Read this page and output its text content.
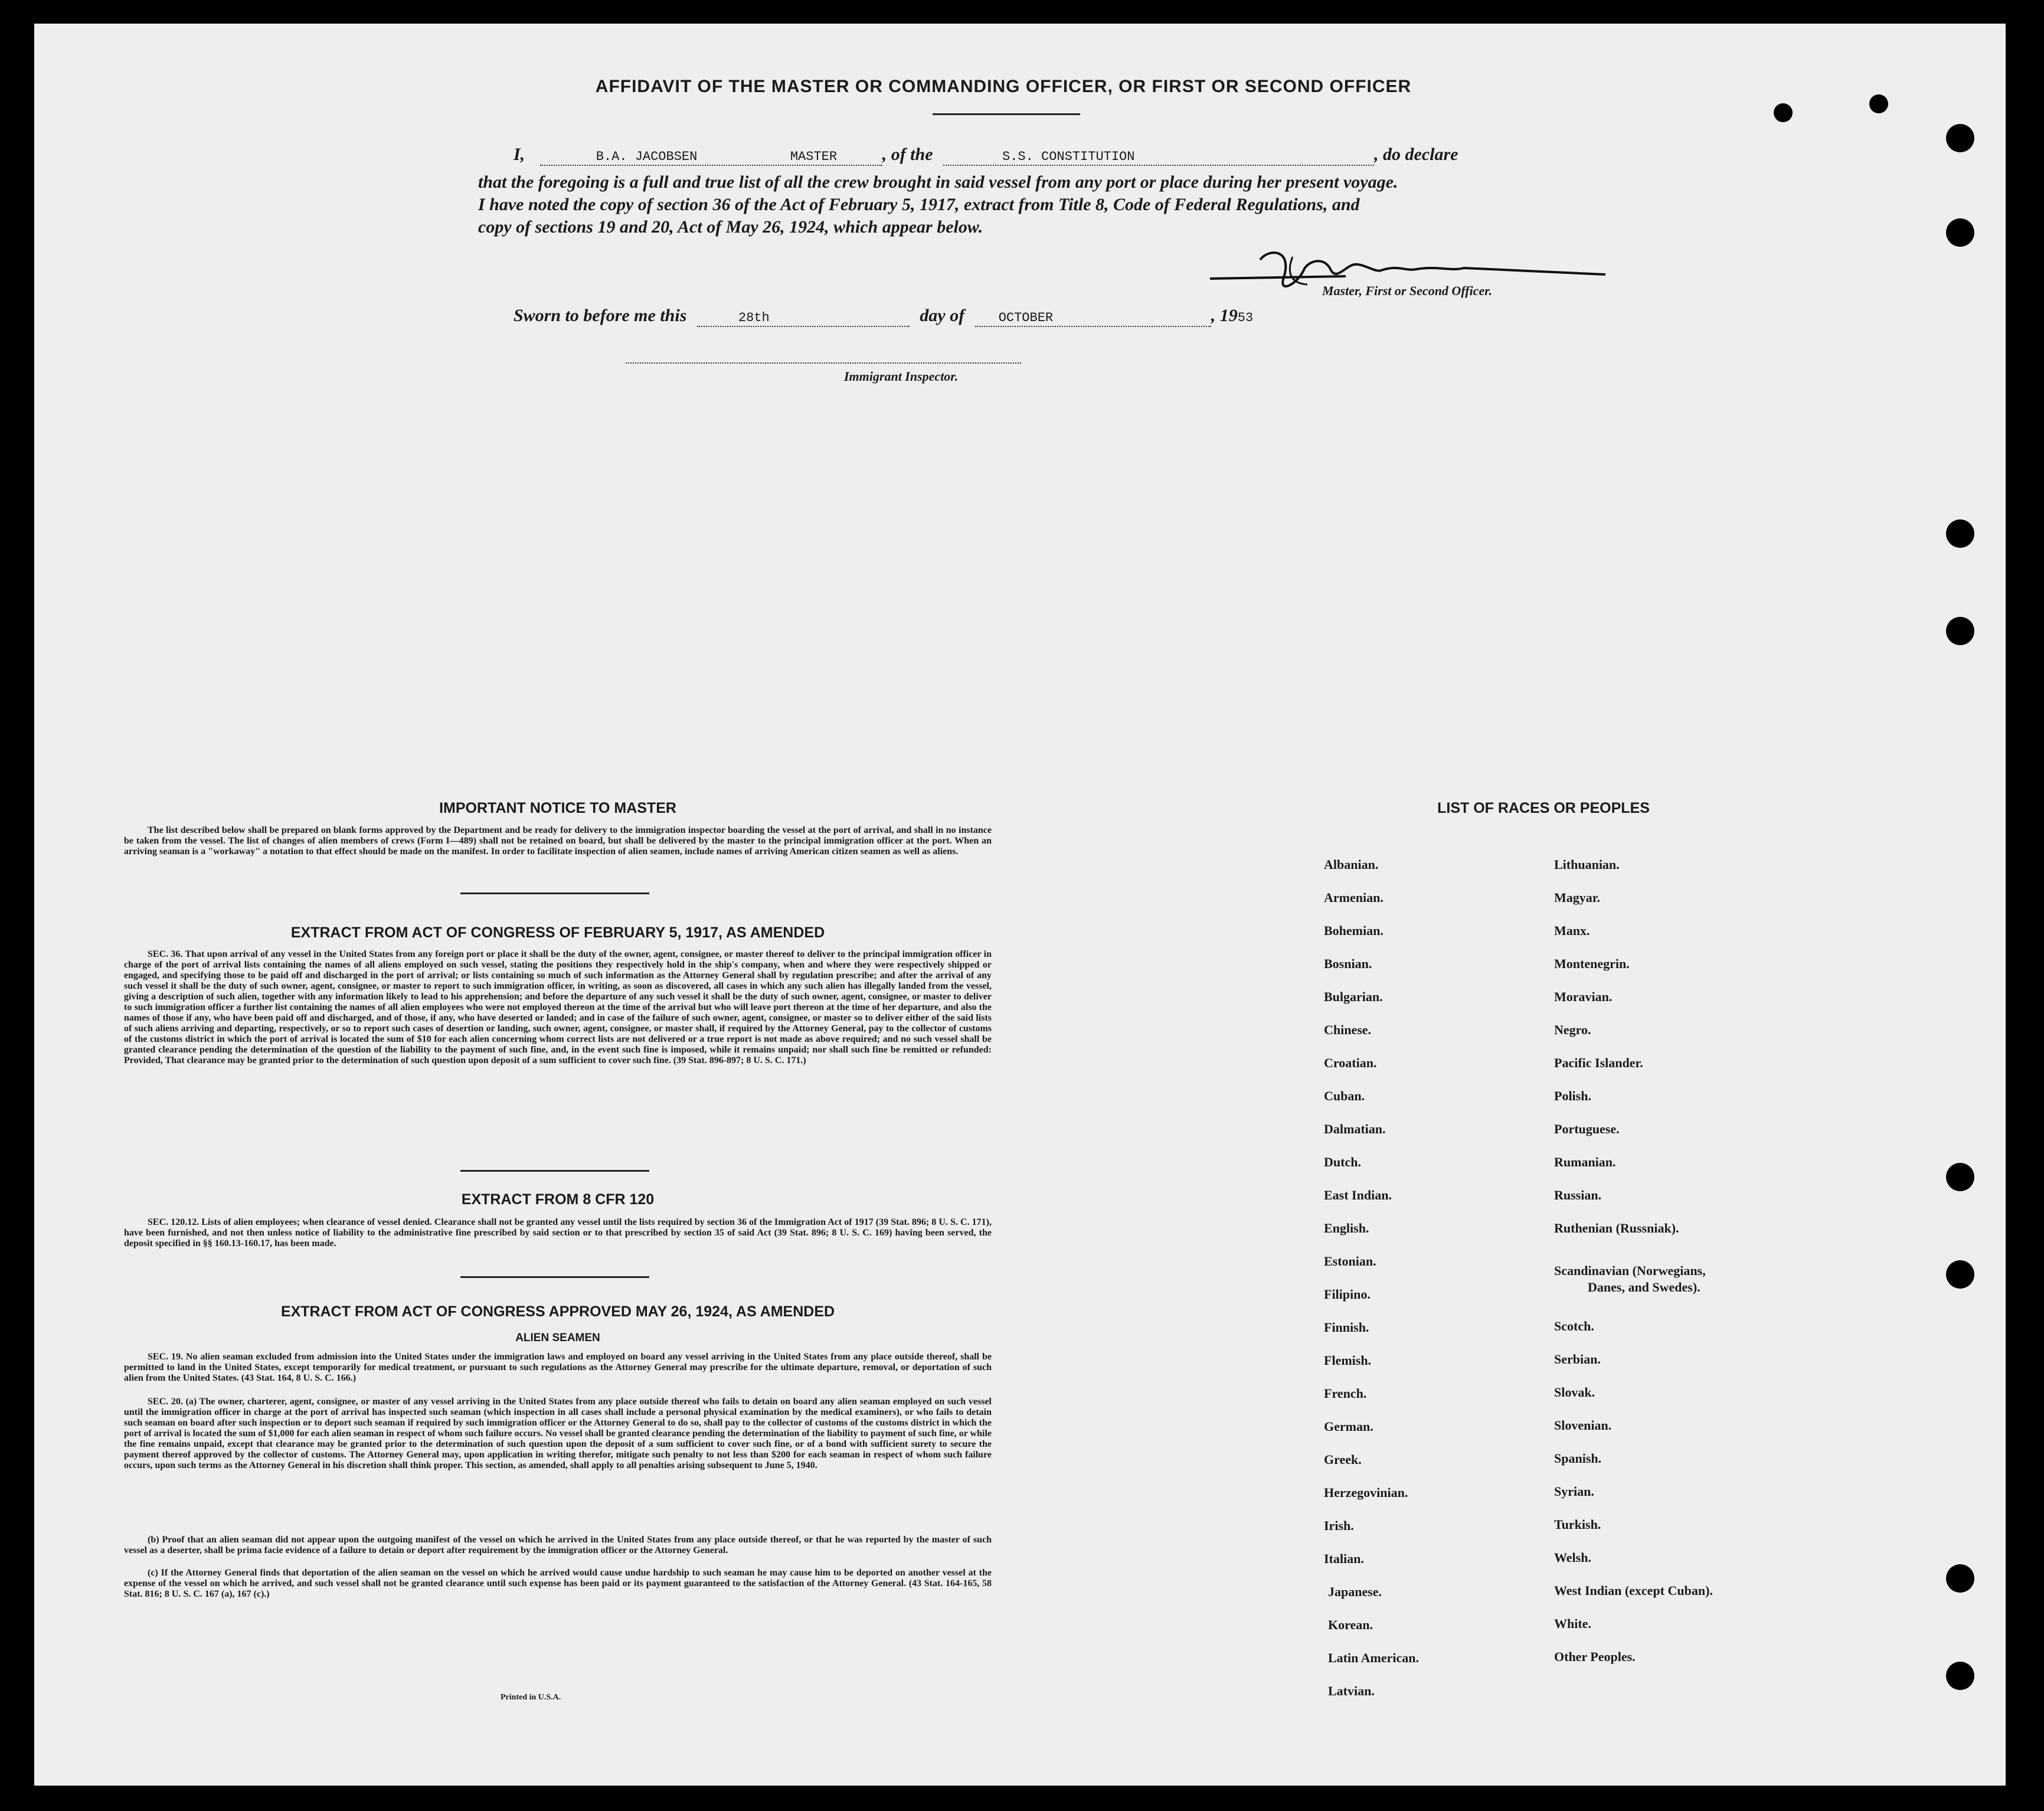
AFFIDAVIT OF THE MASTER OR COMMANDING OFFICER, OR FIRST OR SECOND OFFICER
I,	B.A. JACOBSEN	MASTER	, of the	S.S. CONSTITUTION	, do declare
that the foregoing is a full and true list of all the crew brought in said vessel from any port or place during her present voyage.
I have noted the copy of section 36 of the Act of February 5, 1917, extract from Title 8, Code of Federal Regulations, and
copy of sections 19 and 20, Act of May 26, 1924, which appear below.
Master, First or Second Officer.
Sworn to before me this	28th	day of	OCTOBER	, 1953
Immigrant Inspector.
IMPORTANT NOTICE TO MASTER
The list described below shall be prepared on blank forms approved by the Department and be ready for delivery to the immigration inspector boarding the vessel at the port of arrival, and shall in no instance be taken from the vessel. The list of changes of alien members of crews (Form I—489) shall not be retained on board, but shall be delivered by the master to the principal immigration officer at the port. When an arriving seaman is a "workaway" a notation to that effect should be made on the manifest. In order to facilitate inspection of alien seamen, include names of arriving American citizen seamen as well as aliens.
EXTRACT FROM ACT OF CONGRESS OF FEBRUARY 5, 1917, AS AMENDED
SEC. 36. That upon arrival of any vessel in the United States from any foreign port or place it shall be the duty of the owner, agent, consignee, or master thereof to deliver to the principal immigration officer in charge of the port of arrival lists containing the names of all aliens employed on such vessel, stating the positions they respectively hold in the ship's company, when and where they were respectively shipped or engaged, and specifying those to be paid off and discharged in the port of arrival; or lists containing so much of such information as the Attorney General shall by regulation prescribe; and after the arrival of any such vessel it shall be the duty of such owner, agent, consignee, or master to report to such immigration officer, in writing, as soon as discovered, all cases in which any such alien has illegally landed from the vessel, giving a description of such alien, together with any information likely to lead to his apprehension; and before the departure of any such vessel it shall be the duty of such owner, agent, consignee, or master to deliver to such immigration officer a further list containing the names of all alien employees who were not employed thereon at the time of the arrival but who will leave port thereon at the time of her departure, and also the names of those if any, who have been paid off and discharged, and of those, if any, who have deserted or landed; and in case of the failure of such owner, agent, consignee, or master so to deliver either of the said lists of such aliens arriving and departing, respectively, or so to report such cases of desertion or landing, such owner, agent, consignee, or master shall, if required by the Attorney General, pay to the collector of customs of the customs district in which the port of arrival is located the sum of $10 for each alien concerning whom correct lists are not delivered or a true report is not made as above required; and no such vessel shall be granted clearance pending the determination of the question of the liability to the payment of such fine, and, in the event such fine is imposed, while it remains unpaid; nor shall such fine be remitted or refunded: Provided, That clearance may be granted prior to the determination of such question upon deposit of a sum sufficient to cover such fine. (39 Stat. 896-897; 8 U. S. C. 171.)
EXTRACT FROM 8 CFR 120
SEC. 120.12. Lists of alien employees; when clearance of vessel denied. Clearance shall not be granted any vessel until the lists required by section 36 of the Immigration Act of 1917 (39 Stat. 896; 8 U. S. C. 171), have been furnished, and not then unless notice of liability to the administrative fine prescribed by said section or to that prescribed by section 35 of said Act (39 Stat. 896; 8 U. S. C. 169) having been served, the deposit specified in §§ 160.13-160.17, has been made.
EXTRACT FROM ACT OF CONGRESS APPROVED MAY 26, 1924, AS AMENDED
ALIEN SEAMEN
SEC. 19. No alien seaman excluded from admission into the United States under the immigration laws and employed on board any vessel arriving in the United States from any place outside thereof, shall be permitted to land in the United States, except temporarily for medical treatment, or pursuant to such regulations as the Attorney General may prescribe for the ultimate departure, removal, or deportation of such alien from the United States. (43 Stat. 164, 8 U. S. C. 166.)
SEC. 20. (a) The owner, charterer, agent, consignee, or master of any vessel arriving in the United States from any place outside thereof who fails to detain on board any alien seaman employed on such vessel until the immigration officer in charge at the port of arrival has inspected such seaman (which inspection in all cases shall include a personal physical examination by the medical examiners), or who fails to detain such seaman on board after such inspection or to deport such seaman if required by such immigration officer or the Attorney General to do so, shall pay to the collector of customs of the customs district in which the port of arrival is located the sum of $1,000 for each alien seaman in respect of whom such failure occurs. No vessel shall be granted clearance pending the determination of the liability to payment of such fine, or while the fine remains unpaid, except that clearance may be granted prior to the determination of such question upon the deposit of a sum sufficient to cover such fine, or of a bond with sufficient surety to secure the payment thereof approved by the collector of customs. The Attorney General may, upon application in writing therefor, mitigate such penalty to not less than $200 for each seaman in respect of whom such failure occurs, upon such terms as the Attorney General in his discretion shall think proper. This section, as amended, shall apply to all penalties arising subsequent to June 5, 1940.
(b) Proof that an alien seaman did not appear upon the outgoing manifest of the vessel on which he arrived in the United States from any place outside thereof, or that he was reported by the master of such vessel as a deserter, shall be prima facie evidence of a failure to detain or deport after requirement by the immigration officer or the Attorney General.
(c) If the Attorney General finds that deportation of the alien seaman on the vessel on which he arrived would cause undue hardship to such seaman he may cause him to be deported on another vessel at the expense of the vessel on which he arrived, and such vessel shall not be granted clearance until such expense has been paid or its payment guaranteed to the satisfaction of the Attorney General. (43 Stat. 164-165, 58 Stat. 816; 8 U. S. C. 167 (a), 167 (c).)
Printed in U.S.A.
LIST OF RACES OR PEOPLES
Albanian.
Armenian.
Bohemian.
Bosnian.
Bulgarian.
Chinese.
Croatian.
Cuban.
Dalmatian.
Dutch.
East Indian.
English.
Estonian.
Filipino.
Finnish.
Flemish.
French.
German.
Greek.
Herzegovinian.
Irish.
Italian.
Japanese.
Korean.
Latin American.
Latvian.
Lithuanian.
Magyar.
Manx.
Montenegrin.
Moravian.
Negro.
Pacific Islander.
Polish.
Portuguese.
Rumanian.
Russian.
Ruthenian (Russniak).
Scandinavian (Norwegians,
Danes, and Swedes).
Scotch.
Serbian.
Slovak.
Slovenian.
Spanish.
Syrian.
Turkish.
Welsh.
West Indian (except Cuban).
White.
Other Peoples.
